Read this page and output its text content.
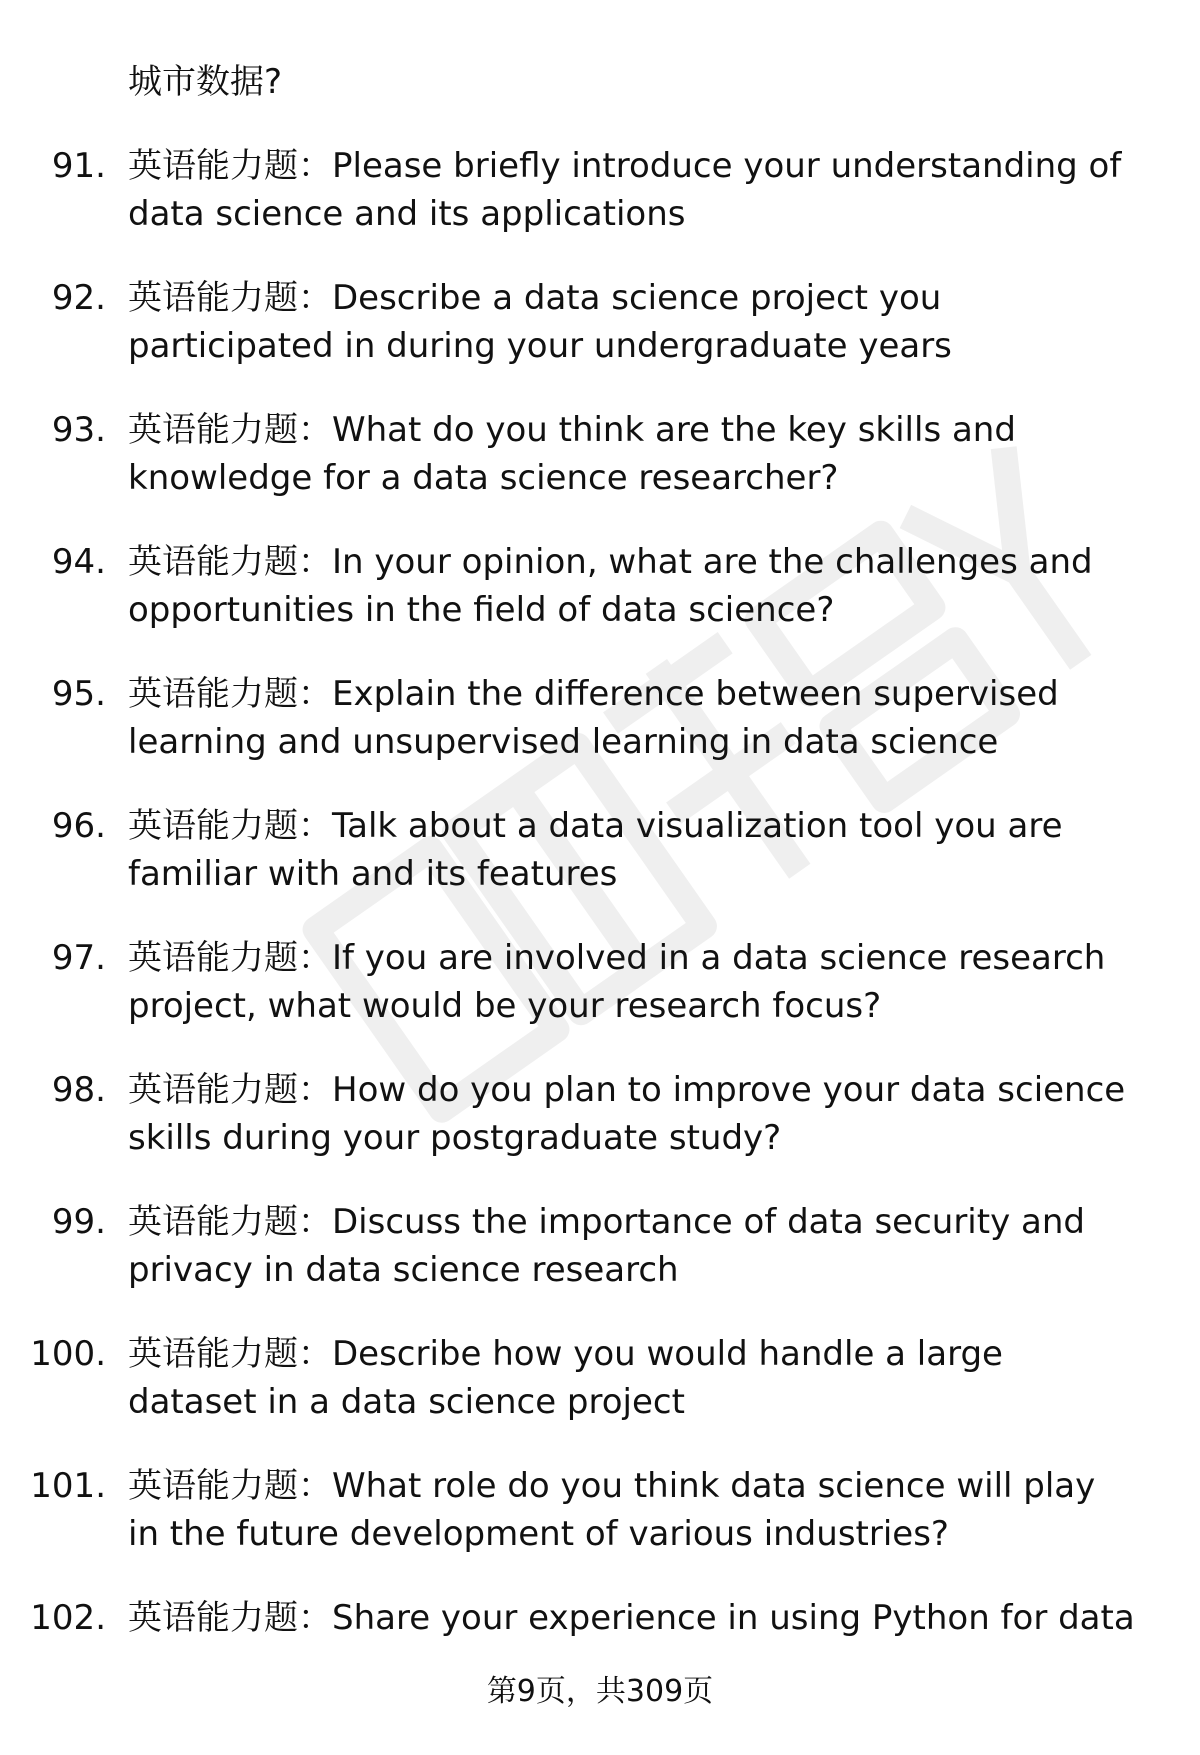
城市数据?
91. 英语能力题：Please briefly introduce your understanding of
data science and its applications
92. 英语能力题：Describe a data science project you
participated in during your undergraduate years
93. 英语能力题：What do you think are the key skills and
knowledge for a data science researcher?
94. 英语能力题：In your opinion, what are the challenges and
opportunities in the field of data science?
95. 英语能力题：Explain the difference between supervised
learning and unsupervised learning in data science
96. 英语能力题：Talk about a data visualization tool you are
familiar with and its features
97. 英语能力题：If you are involved in a data science research
project, what would be your research focus?
98. 英语能力题：How do you plan to improve your data science
skills during your postgraduate study?
99. 英语能力题：Discuss the importance of data security and
privacy in data science research
100. 英语能力题：Describe how you would handle a large
dataset in a data science project
101. 英语能力题：What role do you think data science will play
in the future development of various industries?
102. 英语能力题：Share your experience in using Python for data
第9页，共309页
